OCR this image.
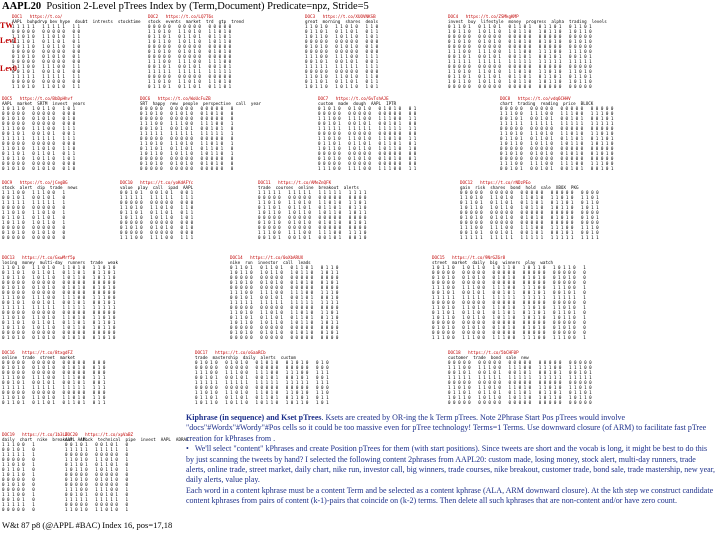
AAPL20 Position 2-Level pTrees Index by (Term,Document) Predicate=npz, Stride=5
TW
Lev1
Lev0
DOC1   https://t.co/
AAPL  buhpdrvp bev hype  doubt  intrests  stocktime
1 1 1 1 1   1 1 1 1 1   1 1
0 0 0 0 0   0 0 0 0 0   0 0
1 1 0 1 0   1 1 0 1 0   1 1
0 1 1 0 1   0 1 1 0 1   0 1
1 0 1 1 0   1 0 1 1 0   1 0
0 0 0 0 0   0 0 0 0 0   0 0
0 1 0 1 0   0 1 0 1 0   0 1
0 0 0 0 0   0 0 0 0 0   0 0
1 1 1 0 0   1 1 1 0 0   1 1
0 0 1 0 1   0 0 1 0 1   0 0
1 1 1 1 1   1 1 1 1 1   1 1
0 0 0 0 0   0 0 0 0 0   0 0
1 1 0 1 0   1 1 0 1 0   1 1
DOC2   https://t.co/LQ7T6s
stock  events  market  trd  gtp  trend
0 0 0 0 0   0 0 0 0 0   0 0 0 0 0
1 1 0 1 0   1 1 0 1 0   1 1 0 1 0
0 1 1 0 1   0 1 1 0 1   0 1 1 0 1
1 0 1 1 0   1 0 1 1 0   1 0 1 1 0
0 0 0 0 0   0 0 0 0 0   0 0 0 0 0
0 1 0 1 0   0 1 0 1 0   0 1 0 1 0
0 0 0 0 0   0 0 0 0 0   0 0 0 0 0
1 1 1 0 0   1 1 1 0 0   1 1 1 0 0
0 0 1 0 1   0 0 1 0 1   0 0 1 0 1
1 1 1 1 1   1 1 1 1 1   1 1 1 1 1
0 0 0 0 0   0 0 0 0 0   0 0 0 0 0
1 1 0 1 0   1 1 0 1 0   1 1 0 1 0
0 1 1 0 1   0 1 1 0 1   0 1 1 0 1
DOC3   https://t.co/XUOVNKSB
great  morning  shares  deals
1 1 0 1 0   1 1 0 1 0   1 1 0
0 1 1 0 1   0 1 1 0 1   0 1 1
1 0 1 1 0   1 0 1 1 0   1 0 1
0 0 0 0 0   0 0 0 0 0   0 0 0
0 1 0 1 0   0 1 0 1 0   0 1 0
0 0 0 0 0   0 0 0 0 0   0 0 0
1 1 1 0 0   1 1 1 0 0   1 1 1
0 0 1 0 1   0 0 1 0 1   0 0 1
1 1 1 1 1   1 1 1 1 1   1 1 1
0 0 0 0 0   0 0 0 0 0   0 0 0
1 1 0 1 0   1 1 0 1 0   1 1 0
0 1 1 0 1   0 1 1 0 1   0 1 1
1 0 1 1 0   1 0 1 1 0   1 0 1
DOC4   https://t.co/ZSMkgKMP
invest  buy  lifestyle  money  progress  alpha  trading  levels
0 1 1 0 1   0 1 1 0 1   0 1 1 0 1   0 1 1 0 1   0 1 1 0 1
1 0 1 1 0   1 0 1 1 0   1 0 1 1 0   1 0 1 1 0   1 0 1 1 0
0 0 0 0 0   0 0 0 0 0   0 0 0 0 0   0 0 0 0 0   0 0 0 0 0
0 1 0 1 0   0 1 0 1 0   0 1 0 1 0   0 1 0 1 0   0 1 0 1 0
0 0 0 0 0   0 0 0 0 0   0 0 0 0 0   0 0 0 0 0   0 0 0 0 0
1 1 1 0 0   1 1 1 0 0   1 1 1 0 0   1 1 1 0 0   1 1 1 0 0
0 0 1 0 1   0 0 1 0 1   0 0 1 0 1   0 0 1 0 1   0 0 1 0 1
1 1 1 1 1   1 1 1 1 1   1 1 1 1 1   1 1 1 1 1   1 1 1 1 1
0 0 0 0 0   0 0 0 0 0   0 0 0 0 0   0 0 0 0 0   0 0 0 0 0
1 1 0 1 0   1 1 0 1 0   1 1 0 1 0   1 1 0 1 0   1 1 0 1 0
0 1 1 0 1   0 1 1 0 1   0 1 1 0 1   0 1 1 0 1   0 1 1 0 1
1 0 1 1 0   1 0 1 1 0   1 0 1 1 0   1 0 1 1 0   1 0 1 1 0
0 0 0 0 0   0 0 0 0 0   0 0 0 0 0   0 0 0 0 0   0 0 0 0 0
DOC5   https://t.co/BbDpHhvf
AAPL  market  SRTM  invest  years
1 0 1 1 0   1 0 1 1 0   1 0 1
0 0 0 0 0   0 0 0 0 0   0 0 0
0 1 0 1 0   0 1 0 1 0   0 1 0
0 0 0 0 0   0 0 0 0 0   0 0 0
1 1 1 0 0   1 1 1 0 0   1 1 1
0 0 1 0 1   0 0 1 0 1   0 0 1
1 1 1 1 1   1 1 1 1 1   1 1 1
0 0 0 0 0   0 0 0 0 0   0 0 0
1 1 0 1 0   1 1 0 1 0   1 1 0
0 1 1 0 1   0 1 1 0 1   0 1 1
1 0 1 1 0   1 0 1 1 0   1 0 1
0 0 0 0 0   0 0 0 0 0   0 0 0
0 1 0 1 0   0 1 0 1 0   0 1 0
DOC6   https://t.co/WoUcFuZB
SRT  happy  new  people  perspective  call  year
0 0 0 0 0   0 0 0 0 0   0 0 0 0 0   0
0 1 0 1 0   0 1 0 1 0   0 1 0 1 0   0
0 0 0 0 0   0 0 0 0 0   0 0 0 0 0   0
1 1 1 0 0   1 1 1 0 0   1 1 1 0 0   1
0 0 1 0 1   0 0 1 0 1   0 0 1 0 1   0
1 1 1 1 1   1 1 1 1 1   1 1 1 1 1   1
0 0 0 0 0   0 0 0 0 0   0 0 0 0 0   0
1 1 0 1 0   1 1 0 1 0   1 1 0 1 0   1
0 1 1 0 1   0 1 1 0 1   0 1 1 0 1   0
1 0 1 1 0   1 0 1 1 0   1 0 1 1 0   1
0 0 0 0 0   0 0 0 0 0   0 0 0 0 0   0
0 1 0 1 0   0 1 0 1 0   0 1 0 1 0   0
0 0 0 0 0   0 0 0 0 0   0 0 0 0 0   0
DOC7   https://t.co/6vTshAJE
custom  made  dough  AAPL  IPTR
0 1 0 1 0   0 1 0 1 0   0 1 0 1 0   0 1
0 0 0 0 0   0 0 0 0 0   0 0 0 0 0   0 0
1 1 1 0 0   1 1 1 0 0   1 1 1 0 0   1 1
0 0 1 0 1   0 0 1 0 1   0 0 1 0 1   0 0
1 1 1 1 1   1 1 1 1 1   1 1 1 1 1   1 1
0 0 0 0 0   0 0 0 0 0   0 0 0 0 0   0 0
1 1 0 1 0   1 1 0 1 0   1 1 0 1 0   1 1
0 1 1 0 1   0 1 1 0 1   0 1 1 0 1   0 1
1 0 1 1 0   1 0 1 1 0   1 0 1 1 0   1 0
0 0 0 0 0   0 0 0 0 0   0 0 0 0 0   0 0
0 1 0 1 0   0 1 0 1 0   0 1 0 1 0   0 1
0 0 0 0 0   0 0 0 0 0   0 0 0 0 0   0 0
1 1 1 0 0   1 1 1 0 0   1 1 1 0 0   1 1
DOC8   https://t.co/vdq6CHHV
chart  trading  reading  price  BLOCK
0 0 0 0 0   0 0 0 0 0   0 0 0 0 0   0 0 0 0 0
1 1 1 0 0   1 1 1 0 0   1 1 1 0 0   1 1 1 0 0
0 0 1 0 1   0 0 1 0 1   0 0 1 0 1   0 0 1 0 1
1 1 1 1 1   1 1 1 1 1   1 1 1 1 1   1 1 1 1 1
0 0 0 0 0   0 0 0 0 0   0 0 0 0 0   0 0 0 0 0
1 1 0 1 0   1 1 0 1 0   1 1 0 1 0   1 1 0 1 0
0 1 1 0 1   0 1 1 0 1   0 1 1 0 1   0 1 1 0 1
1 0 1 1 0   1 0 1 1 0   1 0 1 1 0   1 0 1 1 0
0 0 0 0 0   0 0 0 0 0   0 0 0 0 0   0 0 0 0 0
0 1 0 1 0   0 1 0 1 0   0 1 0 1 0   0 1 0 1 0
0 0 0 0 0   0 0 0 0 0   0 0 0 0 0   0 0 0 0 0
1 1 1 0 0   1 1 1 0 0   1 1 1 0 0   1 1 1 0 0
0 0 1 0 1   0 0 1 0 1   0 0 1 0 1   0 0 1 0 1
DOC9   https://t.co/jCegBG
stock  alert  dip  trade  news
1 1 1 0 0   1 1 1 0 0   1
0 0 1 0 1   0 0 1 0 1   0
1 1 1 1 1   1 1 1 1 1   1
0 0 0 0 0   0 0 0 0 0   0
1 1 0 1 0   1 1 0 1 0   1
0 1 1 0 1   0 1 1 0 1   0
1 0 1 1 0   1 0 1 1 0   1
0 0 0 0 0   0 0 0 0 0   0
0 1 0 1 0   0 1 0 1 0   0
0 0 0 0 0   0 0 0 0 0   0
DOC10   https://t.co/yoKdAFYc
value  play  call  ipad  AAPL
0 0 1 0 1   0 0 1 0 1   0 0 1
1 1 1 1 1   1 1 1 1 1   1 1 1
0 0 0 0 0   0 0 0 0 0   0 0 0
1 1 0 1 0   1 1 0 1 0   1 1 0
0 1 1 0 1   0 1 1 0 1   0 1 1
1 0 1 1 0   1 0 1 1 0   1 0 1
0 0 0 0 0   0 0 0 0 0   0 0 0
0 1 0 1 0   0 1 0 1 0   0 1 0
0 0 0 0 0   0 0 0 0 0   0 0 0
1 1 1 0 0   1 1 1 0 0   1 1 1
DOC11   https://t.co/AMeZnQFK
trade  courses  online  breakout  alerts
1 1 1 1 1   1 1 1 1 1   1 1 1 1 1   1 1 1 1
0 0 0 0 0   0 0 0 0 0   0 0 0 0 0   0 0 0 0
1 1 0 1 0   1 1 0 1 0   1 1 0 1 0   1 1 0 1
0 1 1 0 1   0 1 1 0 1   0 1 1 0 1   0 1 1 0
1 0 1 1 0   1 0 1 1 0   1 0 1 1 0   1 0 1 1
0 0 0 0 0   0 0 0 0 0   0 0 0 0 0   0 0 0 0
0 1 0 1 0   0 1 0 1 0   0 1 0 1 0   0 1 0 1
0 0 0 0 0   0 0 0 0 0   0 0 0 0 0   0 0 0 0
1 1 1 0 0   1 1 1 0 0   1 1 1 0 0   1 1 1 0
0 0 1 0 1   0 0 1 0 1   0 0 1 0 1   0 0 1 0
DOC12   https://t.co/rNDzPEo
gain  risk  shares  bond  hold  sale  XBOX  PKG
0 0 0 0 0   0 0 0 0 0   0 0 0 0 0   0 0 0 0 0   0 0 0 0
1 1 0 1 0   1 1 0 1 0   1 1 0 1 0   1 1 0 1 0   1 1 0 1
0 1 1 0 1   0 1 1 0 1   0 1 1 0 1   0 1 1 0 1   0 1 1 0
1 0 1 1 0   1 0 1 1 0   1 0 1 1 0   1 0 1 1 0   1 0 1 1
0 0 0 0 0   0 0 0 0 0   0 0 0 0 0   0 0 0 0 0   0 0 0 0
0 1 0 1 0   0 1 0 1 0   0 1 0 1 0   0 1 0 1 0   0 1 0 1
0 0 0 0 0   0 0 0 0 0   0 0 0 0 0   0 0 0 0 0   0 0 0 0
1 1 1 0 0   1 1 1 0 0   1 1 1 0 0   1 1 1 0 0   1 1 1 0
0 0 1 0 1   0 0 1 0 1   0 0 1 0 1   0 0 1 0 1   0 0 1 0
1 1 1 1 1   1 1 1 1 1   1 1 1 1 1   1 1 1 1 1   1 1 1 1
DOC13   https://t.co/GxwMrf5p
losing  money  multi-day  runners  trade  weak
1 1 0 1 0   1 1 0 1 0   1 1 0 1 0   1 1 0 1 0
0 1 1 0 1   0 1 1 0 1   0 1 1 0 1   0 1 1 0 1
1 0 1 1 0   1 0 1 1 0   1 0 1 1 0   1 0 1 1 0
0 0 0 0 0   0 0 0 0 0   0 0 0 0 0   0 0 0 0 0
0 1 0 1 0   0 1 0 1 0   0 1 0 1 0   0 1 0 1 0
0 0 0 0 0   0 0 0 0 0   0 0 0 0 0   0 0 0 0 0
1 1 1 0 0   1 1 1 0 0   1 1 1 0 0   1 1 1 0 0
0 0 1 0 1   0 0 1 0 1   0 0 1 0 1   0 0 1 0 1
1 1 1 1 1   1 1 1 1 1   1 1 1 1 1   1 1 1 1 1
0 0 0 0 0   0 0 0 0 0   0 0 0 0 0   0 0 0 0 0
1 1 0 1 0   1 1 0 1 0   1 1 0 1 0   1 1 0 1 0
0 1 1 0 1   0 1 1 0 1   0 1 1 0 1   0 1 1 0 1
1 0 1 1 0   1 0 1 1 0   1 0 1 1 0   1 0 1 1 0
0 0 0 0 0   0 0 0 0 0   0 0 0 0 0   0 0 0 0 0
0 1 0 1 0   0 1 0 1 0   0 1 0 1 0   0 1 0 1 0
DOC14   https://t.co/0oXbARUX
nike  run  investor  call  leads
0 1 1 0 1   0 1 1 0 1   0 1 1 0 1   0 1 1 0
1 0 1 1 0   1 0 1 1 0   1 0 1 1 0   1 0 1 1
0 0 0 0 0   0 0 0 0 0   0 0 0 0 0   0 0 0 0
0 1 0 1 0   0 1 0 1 0   0 1 0 1 0   0 1 0 1
0 0 0 0 0   0 0 0 0 0   0 0 0 0 0   0 0 0 0
1 1 1 0 0   1 1 1 0 0   1 1 1 0 0   1 1 1 0
0 0 1 0 1   0 0 1 0 1   0 0 1 0 1   0 0 1 0
1 1 1 1 1   1 1 1 1 1   1 1 1 1 1   1 1 1 1
0 0 0 0 0   0 0 0 0 0   0 0 0 0 0   0 0 0 0
1 1 0 1 0   1 1 0 1 0   1 1 0 1 0   1 1 0 1
0 1 1 0 1   0 1 1 0 1   0 1 1 0 1   0 1 1 0
1 0 1 1 0   1 0 1 1 0   1 0 1 1 0   1 0 1 1
0 0 0 0 0   0 0 0 0 0   0 0 0 0 0   0 0 0 0
0 1 0 1 0   0 1 0 1 0   0 1 0 1 0   0 1 0 1
0 0 0 0 0   0 0 0 0 0   0 0 0 0 0   0 0 0 0
DOC15   https://t.co/9NrGZ6r8
street  market  daily  big  winners  play  watch
1 0 1 1 0   1 0 1 1 0   1 0 1 1 0   1 0 1 1 0   1 0 1 1 0   1
0 0 0 0 0   0 0 0 0 0   0 0 0 0 0   0 0 0 0 0   0 0 0 0 0   0
0 1 0 1 0   0 1 0 1 0   0 1 0 1 0   0 1 0 1 0   0 1 0 1 0   0
0 0 0 0 0   0 0 0 0 0   0 0 0 0 0   0 0 0 0 0   0 0 0 0 0   0
1 1 1 0 0   1 1 1 0 0   1 1 1 0 0   1 1 1 0 0   1 1 1 0 0   1
0 0 1 0 1   0 0 1 0 1   0 0 1 0 1   0 0 1 0 1   0 0 1 0 1   0
1 1 1 1 1   1 1 1 1 1   1 1 1 1 1   1 1 1 1 1   1 1 1 1 1   1
0 0 0 0 0   0 0 0 0 0   0 0 0 0 0   0 0 0 0 0   0 0 0 0 0   0
1 1 0 1 0   1 1 0 1 0   1 1 0 1 0   1 1 0 1 0   1 1 0 1 0   1
0 1 1 0 1   0 1 1 0 1   0 1 1 0 1   0 1 1 0 1   0 1 1 0 1   0
1 0 1 1 0   1 0 1 1 0   1 0 1 1 0   1 0 1 1 0   1 0 1 1 0   1
0 0 0 0 0   0 0 0 0 0   0 0 0 0 0   0 0 0 0 0   0 0 0 0 0   0
0 1 0 1 0   0 1 0 1 0   0 1 0 1 0   0 1 0 1 0   0 1 0 1 0   0
0 0 0 0 0   0 0 0 0 0   0 0 0 0 0   0 0 0 0 0   0 0 0 0 0   0
1 1 1 0 0   1 1 1 0 0   1 1 1 0 0   1 1 1 0 0   1 1 1 0 0   1
DOC16   https://t.co/8txgdFZ
online  trade  street  market
0 0 0 0 0   0 0 0 0 0   0 0 0 0 0   0 0 0
0 1 0 1 0   0 1 0 1 0   0 1 0 1 0   0 1 0
0 0 0 0 0   0 0 0 0 0   0 0 0 0 0   0 0 0
1 1 1 0 0   1 1 1 0 0   1 1 1 0 0   1 1 1
0 0 1 0 1   0 0 1 0 1   0 0 1 0 1   0 0 1
1 1 1 1 1   1 1 1 1 1   1 1 1 1 1   1 1 1
0 0 0 0 0   0 0 0 0 0   0 0 0 0 0   0 0 0
1 1 0 1 0   1 1 0 1 0   1 1 0 1 0   1 1 0
0 1 1 0 1   0 1 1 0 1   0 1 1 0 1   0 1 1
DOC17   https://t.co/oGaaRCb
trade  mastership  daily  alerts  custom
0 1 0 1 0   0 1 0 1 0   0 1 0 1 0   0 1 0 1 0   0 1 0
0 0 0 0 0   0 0 0 0 0   0 0 0 0 0   0 0 0 0 0   0 0 0
1 1 1 0 0   1 1 1 0 0   1 1 1 0 0   1 1 1 0 0   1 1 1
0 0 1 0 1   0 0 1 0 1   0 0 1 0 1   0 0 1 0 1   0 0 1
1 1 1 1 1   1 1 1 1 1   1 1 1 1 1   1 1 1 1 1   1 1 1
0 0 0 0 0   0 0 0 0 0   0 0 0 0 0   0 0 0 0 0   0 0 0
1 1 0 1 0   1 1 0 1 0   1 1 0 1 0   1 1 0 1 0   1 1 0
0 1 1 0 1   0 1 1 0 1   0 1 1 0 1   0 1 1 0 1   0 1 1
1 0 1 1 0   1 0 1 1 0   1 0 1 1 0   1 0 1 1 0   1 0 1
DOC18   https://t.co/5bCHF0P
customer  trade  bond  sale  new
0 0 0 0 0   0 0 0 0 0   0 0 0 0 0   0 0 0 0 0   0 0 0 0 0
1 1 1 0 0   1 1 1 0 0   1 1 1 0 0   1 1 1 0 0   1 1 1 0 0
0 0 1 0 1   0 0 1 0 1   0 0 1 0 1   0 0 1 0 1   0 0 1 0 1
1 1 1 1 1   1 1 1 1 1   1 1 1 1 1   1 1 1 1 1   1 1 1 1 1
0 0 0 0 0   0 0 0 0 0   0 0 0 0 0   0 0 0 0 0   0 0 0 0 0
1 1 0 1 0   1 1 0 1 0   1 1 0 1 0   1 1 0 1 0   1 1 0 1 0
0 1 1 0 1   0 1 1 0 1   0 1 1 0 1   0 1 1 0 1   0 1 1 0 1
1 0 1 1 0   1 0 1 1 0   1 0 1 1 0   1 0 1 1 0   1 0 1 1 0
0 0 0 0 0   0 0 0 0 0   0 0 0 0 0   0 0 0 0 0   0 0 0 0 0
DOC19   https://t.co/1b3LZ
daily  chart  nike  breakout  AAPL
1 1 1 0 0   1
0 0 1 0 1   0
1 1 1 1 1   1
0 0 0 0 0   0
1 1 0 1 0   1
0 1 1 0 1   0
1 0 1 1 0   1
0 0 0 0 0   0
0 1 0 1 0   0
0 0 0 0 0   0
1 1 1 0 0   1
0 0 1 0 1   0
1 1 1 1 1   1
0 0 0 0 0   0
DOC20   https://t.co/xpVaBZ
AAPL  stock  technical  pipe  invest  AAPL  ADRAX
0 0 1 0 1   0 0 1 0 1   0
1 1 1 1 1   1 1 1 1 1   1
0 0 0 0 0   0 0 0 0 0   0
1 1 0 1 0   1 1 0 1 0   1
0 1 1 0 1   0 1 1 0 1   0
1 0 1 1 0   1 0 1 1 0   1
0 0 0 0 0   0 0 0 0 0   0
0 1 0 1 0   0 1 0 1 0   0
0 0 0 0 0   0 0 0 0 0   0
1 1 1 0 0   1 1 1 0 0   1
0 0 1 0 1   0 0 1 0 1   0
1 1 1 1 1   1 1 1 1 1   1
0 0 0 0 0   0 0 0 0 0   0
1 1 0 1 0   1 1 0 1 0   1
Kiphrase (in sequence) and Kset pTrees. Ksets are created by OR-ing the k Term pTrees. Note 2Phrase Start Pos pTrees would involve "docs"#Wordx"#Wordy"#Pos cells so it could be too massive even for pTree technology! Terms=1 Terms. Use downward closure (of ARM) to facilitate fast pTree creation for kPhrases from .
•   We'll select "content" kPhrases and create Position pTrees for them (with start positions). Since tweets are short and the vocab is long, it might be best to do this by just scanning the tweets by hand? I selected the following content 2phrases from AAPL20: custom made, losing money, stock alert, multi-day runners, trade alerts, online trade, street market, daily chart, nike run, investor call, big winners, trade courses, nike breakout, customer trade, bond sale, trade mastership, new year, daily alerts, value play.
Each word in a content kphrase must be a content Term and be selected as a content kphrase (ALA, ARM downward closure). At the kth step we construct candidate content kphrases from pairs of content (k-1)-pairs that coincide on (k-2) terms. Then delete all such kphrases that are non-content and/or have zero count.
W&t 87 p8 (@APPL #BAC) Index 16, pos=17,18
